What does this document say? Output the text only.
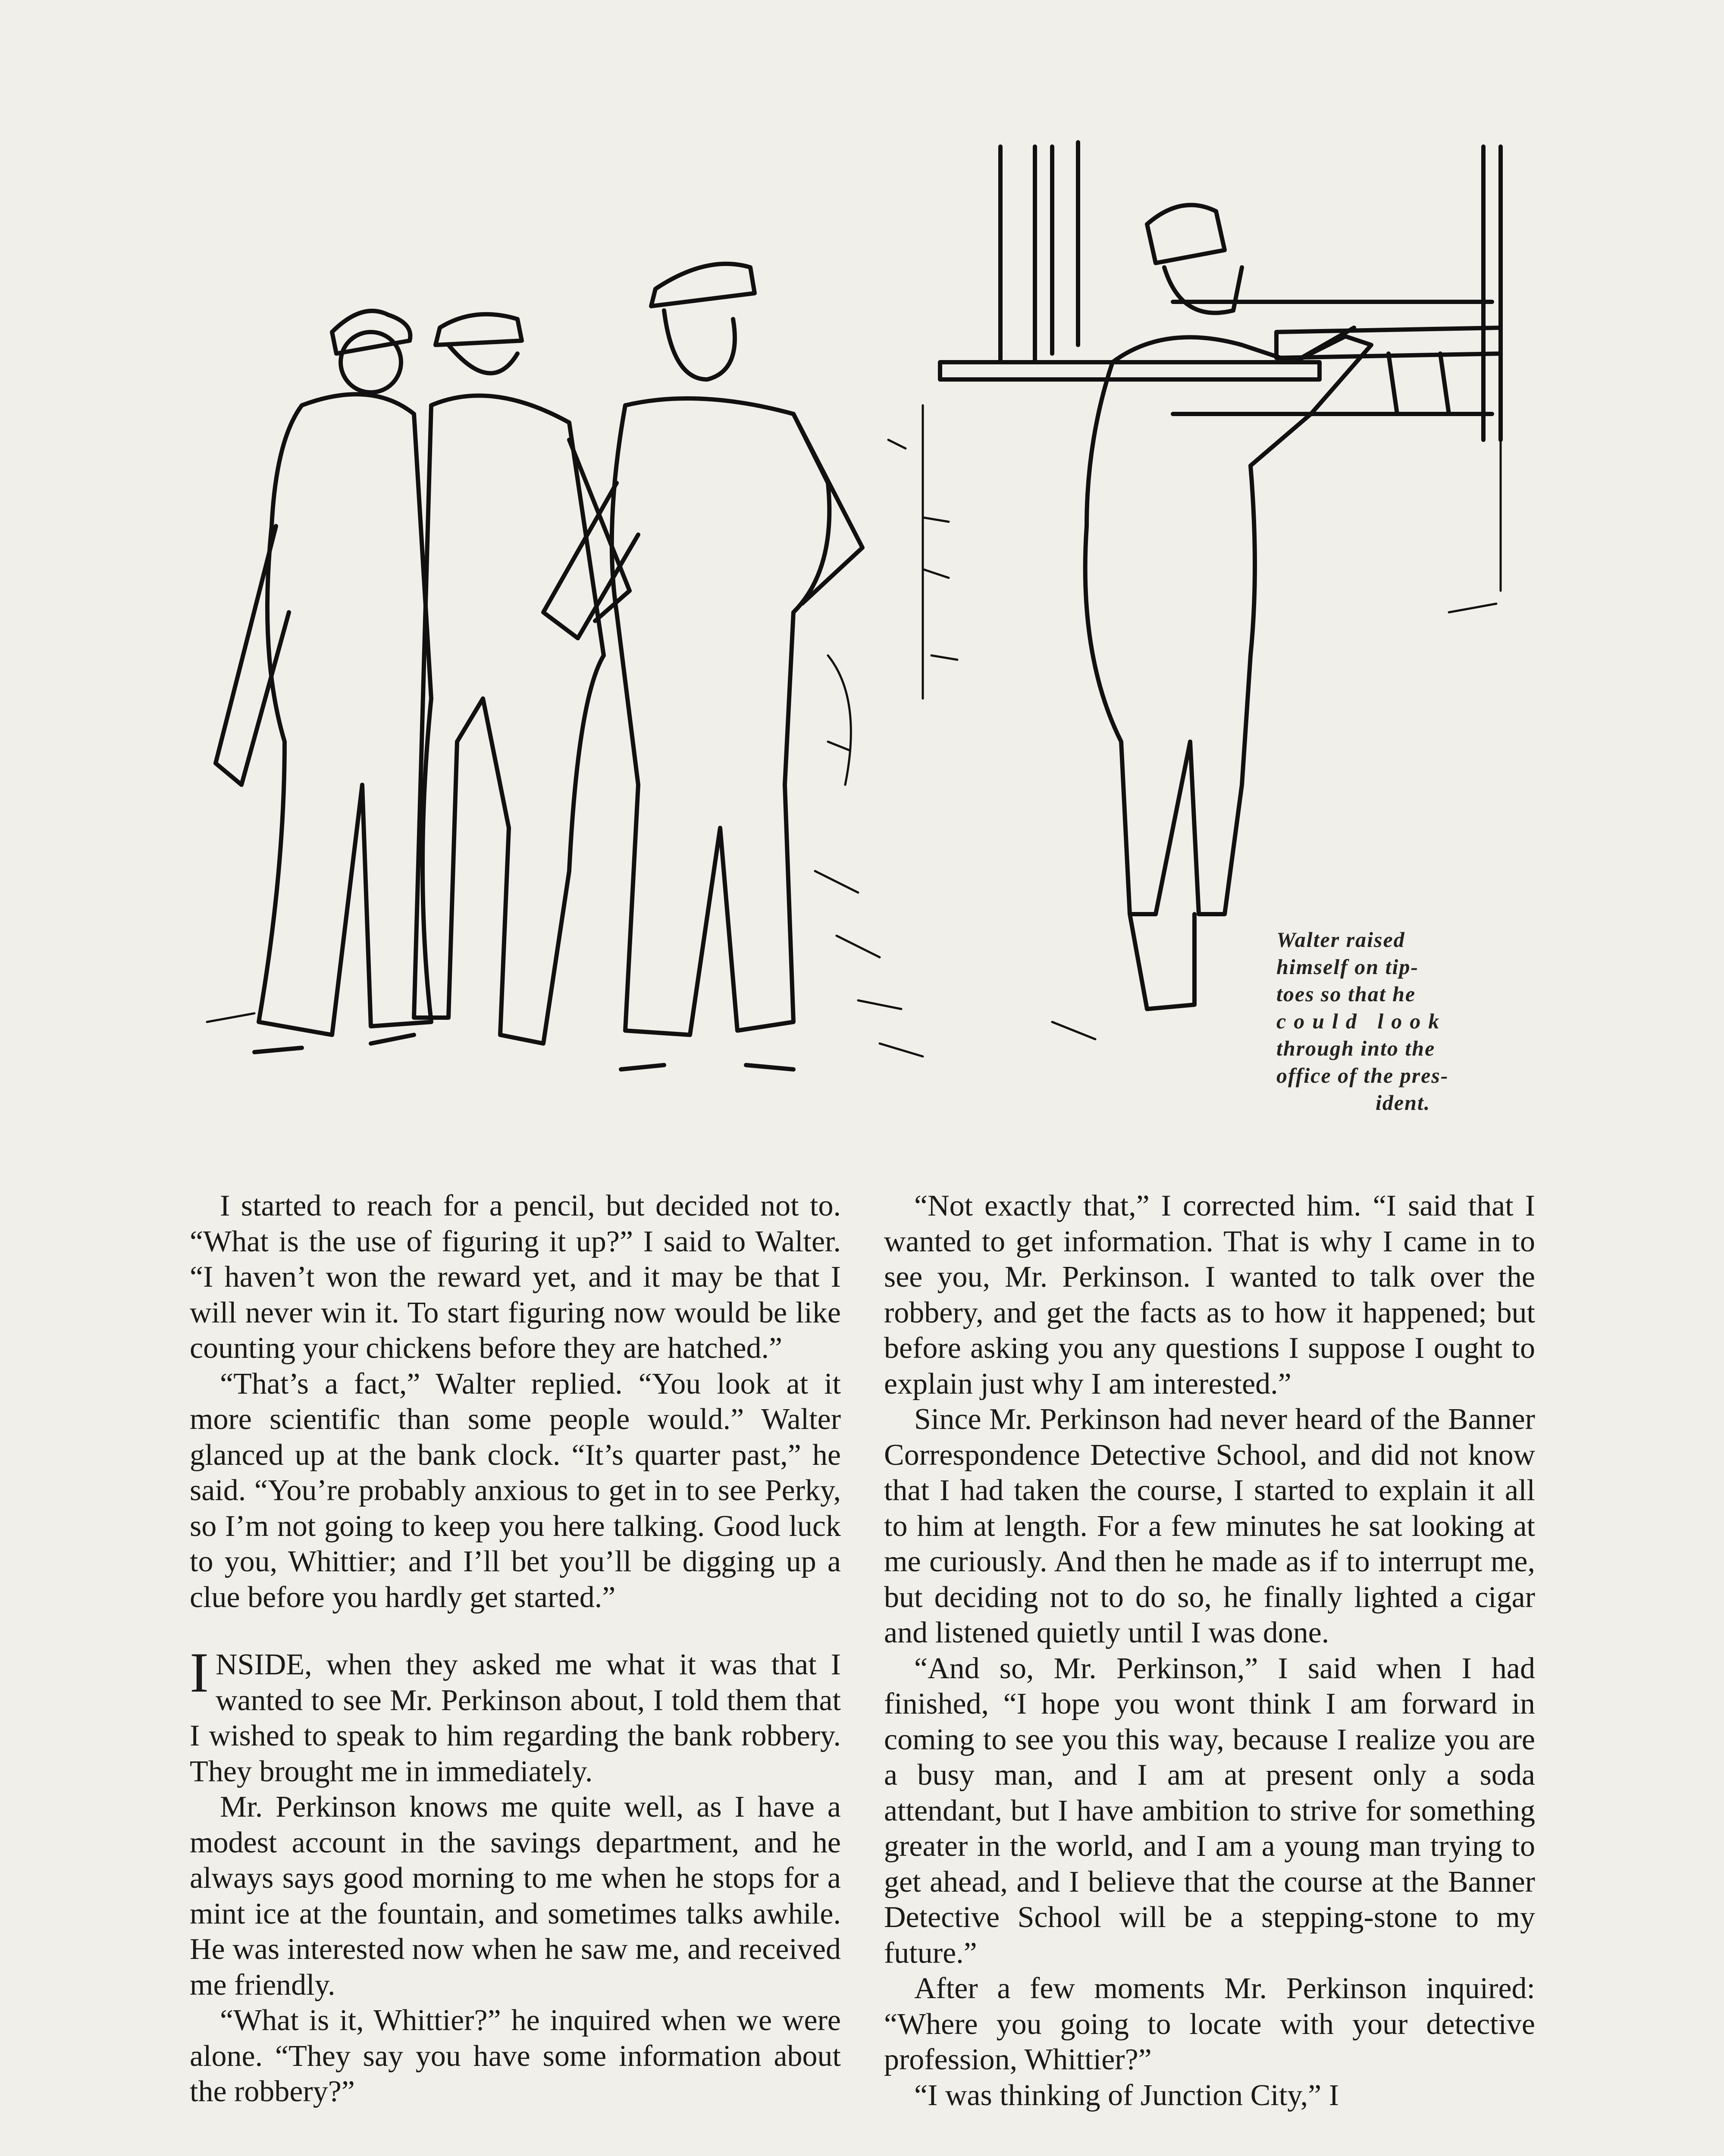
Walter raised
himself on tip-
toes so that he
could look
through into the
office of the pres-
ident.

I started to reach for a pencil, but decided not to. “What is the use of figuring it up?” I said to Walter. “I haven’t won the reward yet, and it may be that I will never win it. To start figuring now would be like counting your chickens before they are hatched.”

“That’s a fact,” Walter replied. “You look at it more scientific than some people would.” Walter glanced up at the bank clock. “It’s quarter past,” he said. “You’re probably anxious to get in to see Perky, so I’m not going to keep you here talking. Good luck to you, Whittier; and I’ll bet you’ll be digging up a clue before you hardly get started.”

INSIDE, when they asked me what it was that I wanted to see Mr. Perkinson about, I told them that I wished to speak to him regarding the bank robbery. They brought me in immediately.

Mr. Perkinson knows me quite well, as I have a modest account in the savings department, and he always says good morning to me when he stops for a mint ice at the fountain, and sometimes talks awhile. He was interested now when he saw me, and received me friendly.

“What is it, Whittier?” he inquired when we were alone. “They say you have some information about the robbery?”

“Not exactly that,” I corrected him. “I said that I wanted to get information. That is why I came in to see you, Mr. Perkinson. I wanted to talk over the robbery, and get the facts as to how it happened; but before asking you any questions I suppose I ought to explain just why I am interested.”

Since Mr. Perkinson had never heard of the Banner Correspondence Detective School, and did not know that I had taken the course, I started to explain it all to him at length. For a few minutes he sat looking at me curiously. And then he made as if to interrupt me, but deciding not to do so, he finally lighted a cigar and listened quietly until I was done.

“And so, Mr. Perkinson,” I said when I had finished, “I hope you wont think I am forward in coming to see you this way, because I realize you are a busy man, and I am at present only a soda attendant, but I have ambition to strive for something greater in the world, and I am a young man trying to get ahead, and I believe that the course at the Banner Detective School will be a stepping-stone to my future.”

After a few moments Mr. Perkinson inquired: “Where you going to locate with your detective profession, Whittier?”

“I was thinking of Junction City,” I
